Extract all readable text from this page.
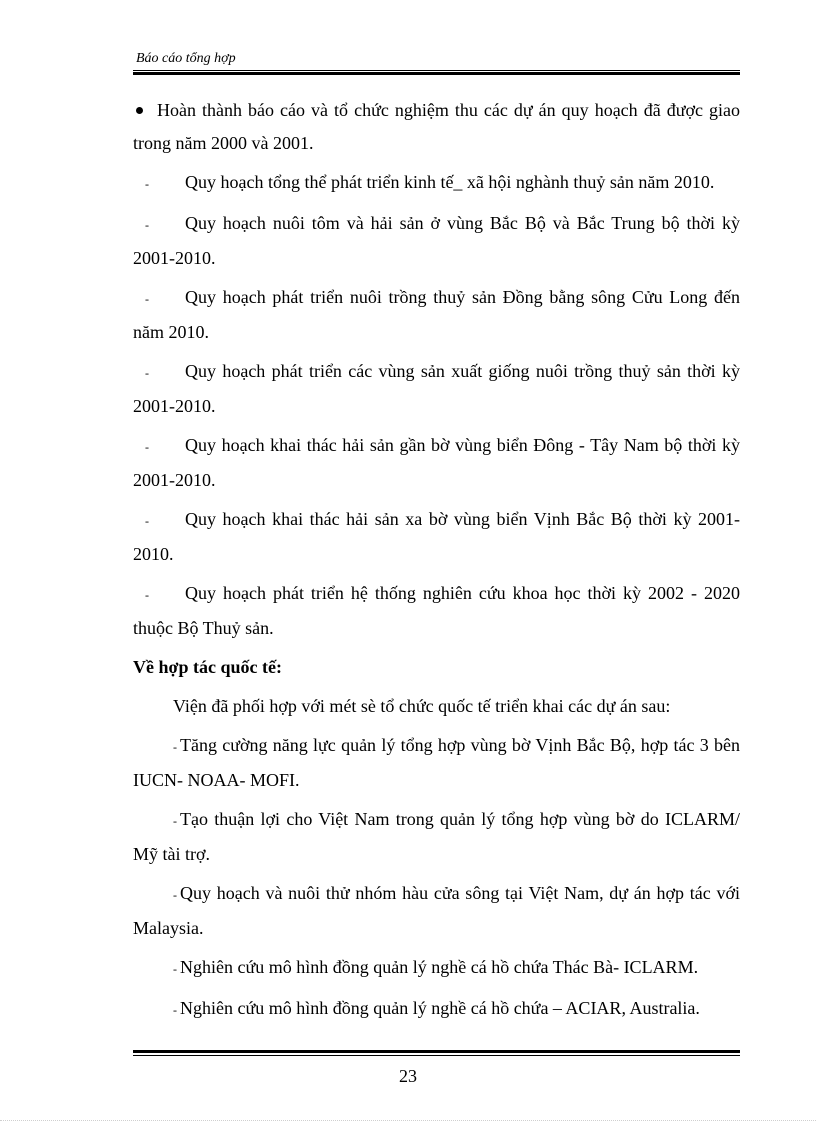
Báo cáo tổng hợp

Hoàn thành báo cáo và tổ chức nghiệm thu các dự án quy hoạch đã được giao trong năm 2000 và 2001.

- Quy hoạch tổng thể phát triển kinh tế_ xã hội nghành thuỷ sản năm 2010.

- Quy hoạch nuôi tôm và hải sản ở vùng Bắc Bộ và Bắc Trung bộ thời kỳ 2001-2010.

- Quy hoạch phát triển nuôi trồng thuỷ sản Đồng bằng sông Cửu Long đến năm 2010.

- Quy hoạch phát triển các vùng sản xuất giống nuôi trồng thuỷ sản thời kỳ 2001-2010.

- Quy hoạch khai thác hải sản gần bờ vùng biển Đông - Tây Nam bộ thời kỳ 2001-2010.

- Quy hoạch khai thác hải sản xa bờ vùng biển Vịnh Bắc Bộ thời kỳ 2001-2010.

- Quy hoạch phát triển hệ thống nghiên cứu khoa học thời kỳ 2002 - 2020 thuộc Bộ Thuỷ sản.

Về hợp tác quốc tế:

Viện đã phối hợp với mét sè tổ chức quốc tế triển khai các dự án sau:

- Tăng cường năng lực quản lý tổng hợp vùng bờ Vịnh Bắc Bộ, hợp tác 3 bên IUCN- NOAA- MOFI.

- Tạo thuận lợi cho Việt Nam trong quản lý tổng hợp vùng bờ do ICLARM/ Mỹ tài trợ.

- Quy hoạch và nuôi thử nhóm hàu cửa sông tại Việt Nam, dự án hợp tác với Malaysia.

- Nghiên cứu mô hình đồng quản lý nghề cá hồ chứa Thác Bà- ICLARM.

- Nghiên cứu mô hình đồng quản lý nghề cá hồ chứa – ACIAR, Australia.

23
